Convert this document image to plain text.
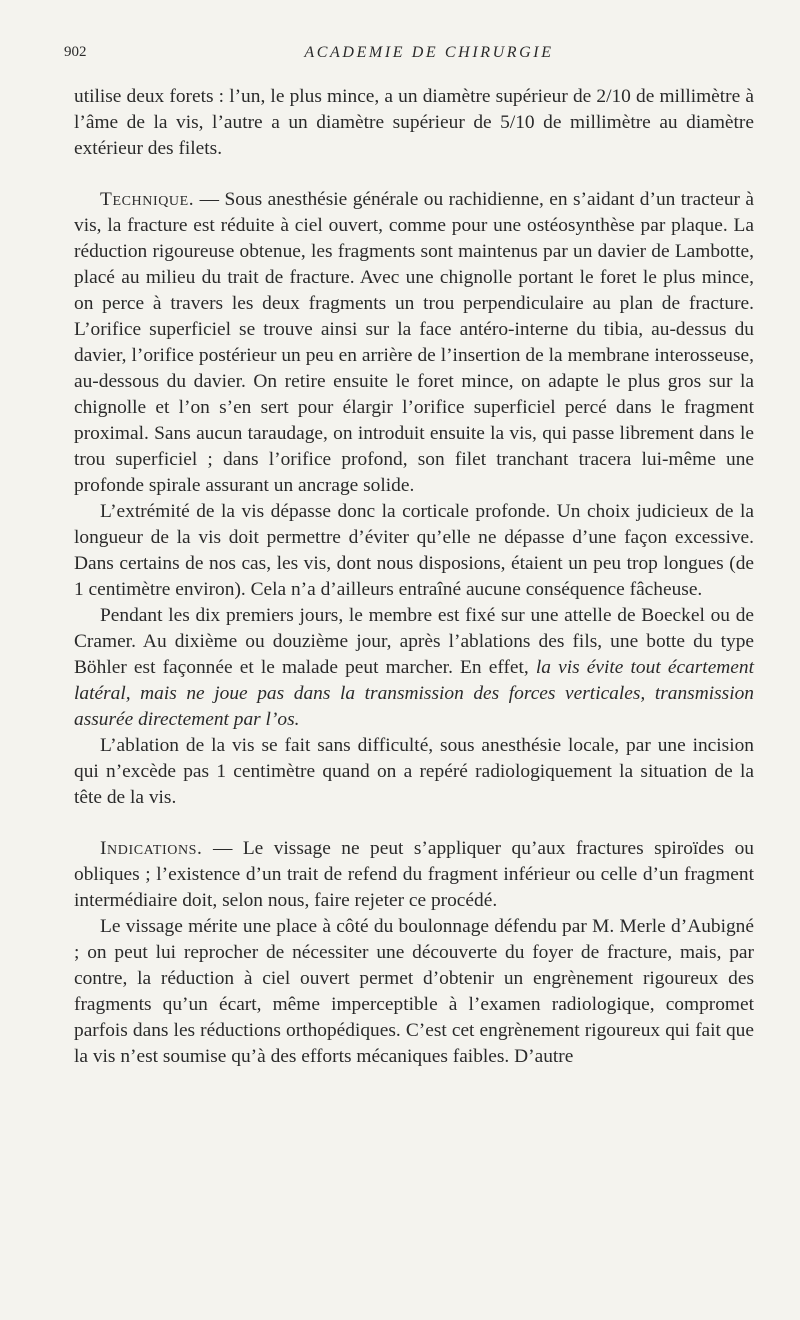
902	ACADEMIE DE CHIRURGIE

utilise deux forets : l’un, le plus mince, a un diamètre supérieur de 2/10 de millimètre à l’âme de la vis, l’autre a un diamètre supérieur de 5/10 de millimètre au diamètre extérieur des filets.

Technique. — Sous anesthésie générale ou rachidienne, en s’aidant d’un tracteur à vis, la fracture est réduite à ciel ouvert, comme pour une ostéosynthèse par plaque. La réduction rigoureuse obtenue, les fragments sont maintenus par un davier de Lambotte, placé au milieu du trait de fracture. Avec une chignolle portant le foret le plus mince, on perce à travers les deux fragments un trou perpendiculaire au plan de fracture. L’orifice superficiel se trouve ainsi sur la face antéro-interne du tibia, au-dessus du davier, l’orifice postérieur un peu en arrière de l’insertion de la membrane interosseuse, au-dessous du davier. On retire ensuite le foret mince, on adapte le plus gros sur la chignolle et l’on s’en sert pour élargir l’orifice superficiel percé dans le fragment proximal. Sans aucun taraudage, on introduit ensuite la vis, qui passe librement dans le trou superficiel ; dans l’orifice profond, son filet tranchant tracera lui-même une profonde spirale assurant un ancrage solide.

L’extrémité de la vis dépasse donc la corticale profonde. Un choix judicieux de la longueur de la vis doit permettre d’éviter qu’elle ne dépasse d’une façon excessive. Dans certains de nos cas, les vis, dont nous disposions, étaient un peu trop longues (de 1 centimètre environ). Cela n’a d’ailleurs entraîné aucune conséquence fâcheuse.

Pendant les dix premiers jours, le membre est fixé sur une attelle de Boeckel ou de Cramer. Au dixième ou douzième jour, après l’ablations des fils, une botte du type Böhler est façonnée et le malade peut marcher. En effet, la vis évite tout écartement latéral, mais ne joue pas dans la transmission des forces verticales, transmission assurée directement par l’os.

L’ablation de la vis se fait sans difficulté, sous anesthésie locale, par une incision qui n’excède pas 1 centimètre quand on a repéré radiologiquement la situation de la tête de la vis.

Indications. — Le vissage ne peut s’appliquer qu’aux fractures spiroïdes ou obliques ; l’existence d’un trait de refend du fragment inférieur ou celle d’un fragment intermédiaire doit, selon nous, faire rejeter ce procédé.

Le vissage mérite une place à côté du boulonnage défendu par M. Merle d’Aubigné ; on peut lui reprocher de nécessiter une découverte du foyer de fracture, mais, par contre, la réduction à ciel ouvert permet d’obtenir un engrènement rigoureux des fragments qu’un écart, même imperceptible à l’examen radiologique, compromet parfois dans les réductions orthopédiques. C’est cet engrènement rigoureux qui fait que la vis n’est soumise qu’à des efforts mécaniques faibles. D’autre
